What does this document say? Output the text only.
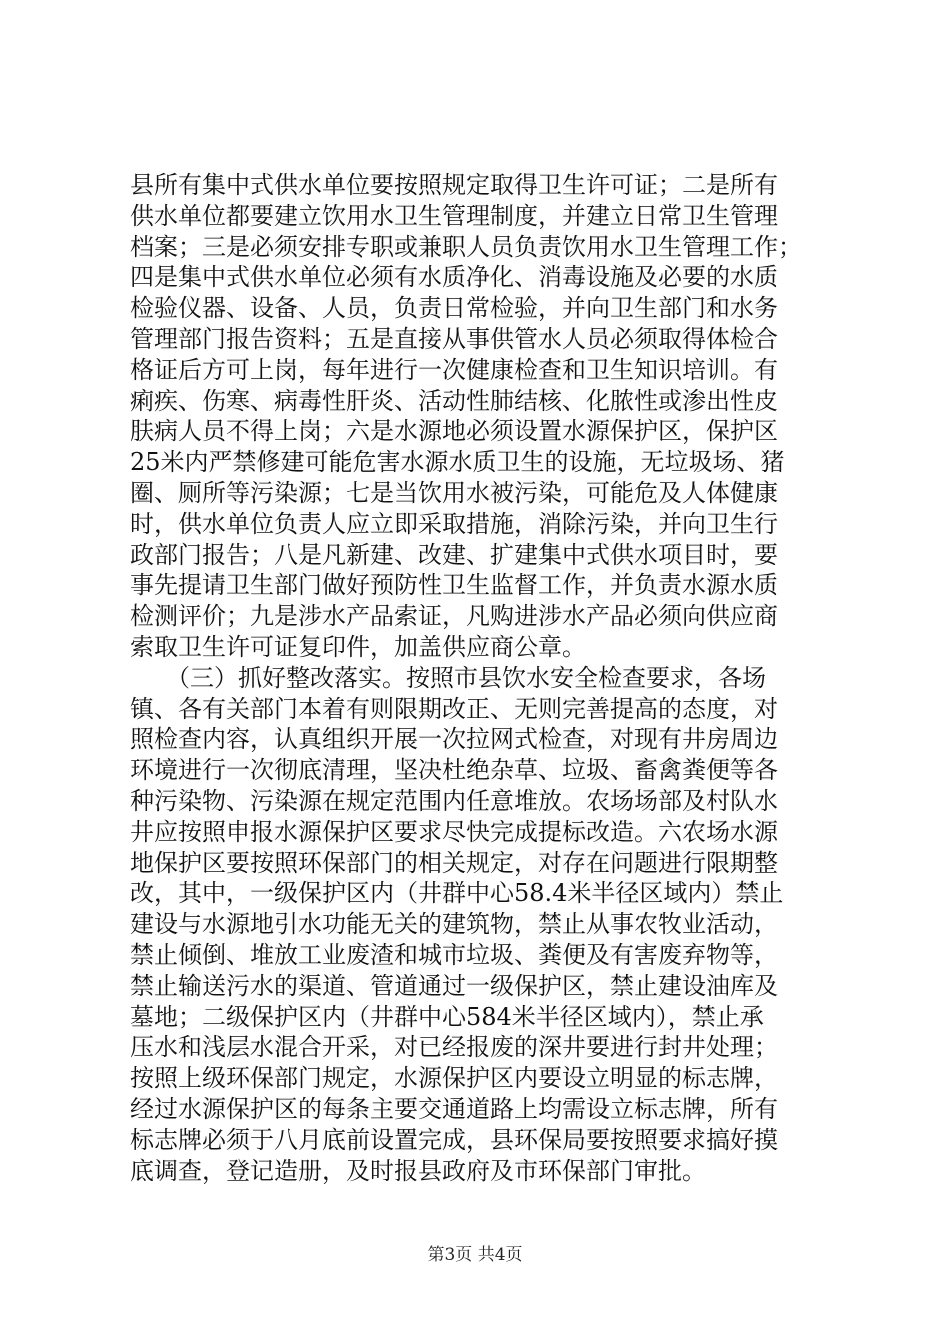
县所有集中式供水单位要按照规定取得卫生许可证；二是所有
供水单位都要建立饮用水卫生管理制度，并建立日常卫生管理
档案；三是必须安排专职或兼职人员负责饮用水卫生管理工作；
四是集中式供水单位必须有水质净化、消毒设施及必要的水质
检验仪器、设备、人员，负责日常检验，并向卫生部门和水务
管理部门报告资料；五是直接从事供管水人员必须取得体检合
格证后方可上岗，每年进行一次健康检查和卫生知识培训。有
痢疾、伤寒、病毒性肝炎、活动性肺结核、化脓性或渗出性皮
肤病人员不得上岗；六是水源地必须设置水源保护区，保护区
25米内严禁修建可能危害水源水质卫生的设施，无垃圾场、猪
圈、厕所等污染源；七是当饮用水被污染，可能危及人体健康
时，供水单位负责人应立即采取措施，消除污染，并向卫生行
政部门报告；八是凡新建、改建、扩建集中式供水项目时，要
事先提请卫生部门做好预防性卫生监督工作，并负责水源水质
检测评价；九是涉水产品索证，凡购进涉水产品必须向供应商
索取卫生许可证复印件，加盖供应商公章。
　　（三）抓好整改落实。按照市县饮水安全检查要求，各场
镇、各有关部门本着有则限期改正、无则完善提高的态度，对
照检查内容，认真组织开展一次拉网式检查，对现有井房周边
环境进行一次彻底清理，坚决杜绝杂草、垃圾、畜禽粪便等各
种污染物、污染源在规定范围内任意堆放。农场场部及村队水
井应按照申报水源保护区要求尽快完成提标改造。六农场水源
地保护区要按照环保部门的相关规定，对存在问题进行限期整
改，其中，一级保护区内（井群中心58.4米半径区域内）禁止
建设与水源地引水功能无关的建筑物，禁止从事农牧业活动，
禁止倾倒、堆放工业废渣和城市垃圾、粪便及有害废弃物等，
禁止输送污水的渠道、管道通过一级保护区，禁止建设油库及
墓地；二级保护区内（井群中心584米半径区域内），禁止承
压水和浅层水混合开采，对已经报废的深井要进行封井处理；
按照上级环保部门规定，水源保护区内要设立明显的标志牌，
经过水源保护区的每条主要交通道路上均需设立标志牌，所有
标志牌必须于八月底前设置完成，县环保局要按照要求搞好摸
底调查，登记造册，及时报县政府及市环保部门审批。
第3页 共4页
